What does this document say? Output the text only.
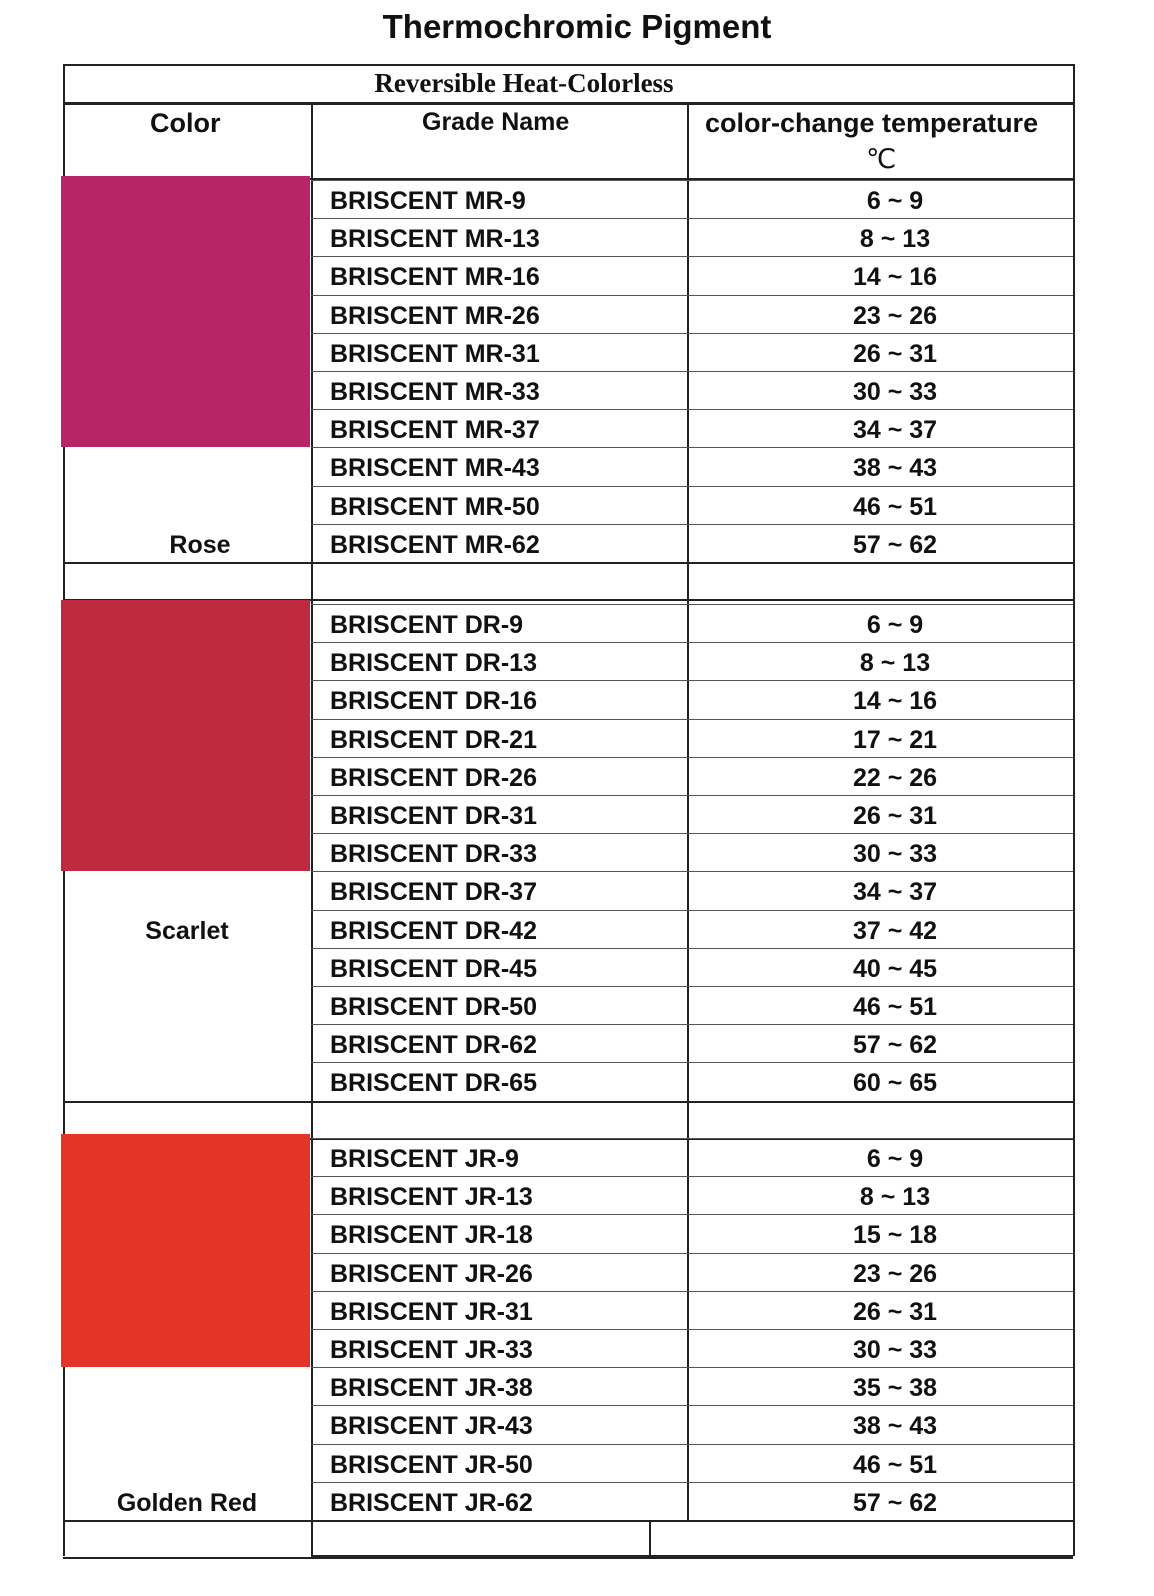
Thermochromic Pigment
Reversible Heat-Colorless
Color	Grade Name	color-change temperature
℃
BRISCENT MR-9	6 ~ 9
BRISCENT MR-13	8 ~ 13
BRISCENT MR-16	14 ~ 16
BRISCENT MR-26	23 ~ 26
BRISCENT MR-31	26 ~ 31
BRISCENT MR-33	30 ~ 33
BRISCENT MR-37	34 ~ 37
BRISCENT MR-43	38 ~ 43
BRISCENT MR-50	46 ~ 51
BRISCENT MR-62	57 ~ 62
Rose
BRISCENT DR-9	6 ~ 9
BRISCENT DR-13	8 ~ 13
BRISCENT DR-16	14 ~ 16
BRISCENT DR-21	17 ~ 21
BRISCENT DR-26	22 ~ 26
BRISCENT DR-31	26 ~ 31
BRISCENT DR-33	30 ~ 33
BRISCENT DR-37	34 ~ 37
BRISCENT DR-42	37 ~ 42
BRISCENT DR-45	40 ~ 45
BRISCENT DR-50	46 ~ 51
BRISCENT DR-62	57 ~ 62
BRISCENT DR-65	60 ~ 65
Scarlet
BRISCENT JR-9	6 ~ 9
BRISCENT JR-13	8 ~ 13
BRISCENT JR-18	15 ~ 18
BRISCENT JR-26	23 ~ 26
BRISCENT JR-31	26 ~ 31
BRISCENT JR-33	30 ~ 33
BRISCENT JR-38	35 ~ 38
BRISCENT JR-43	38 ~ 43
BRISCENT JR-50	46 ~ 51
BRISCENT JR-62	57 ~ 62
Golden Red
